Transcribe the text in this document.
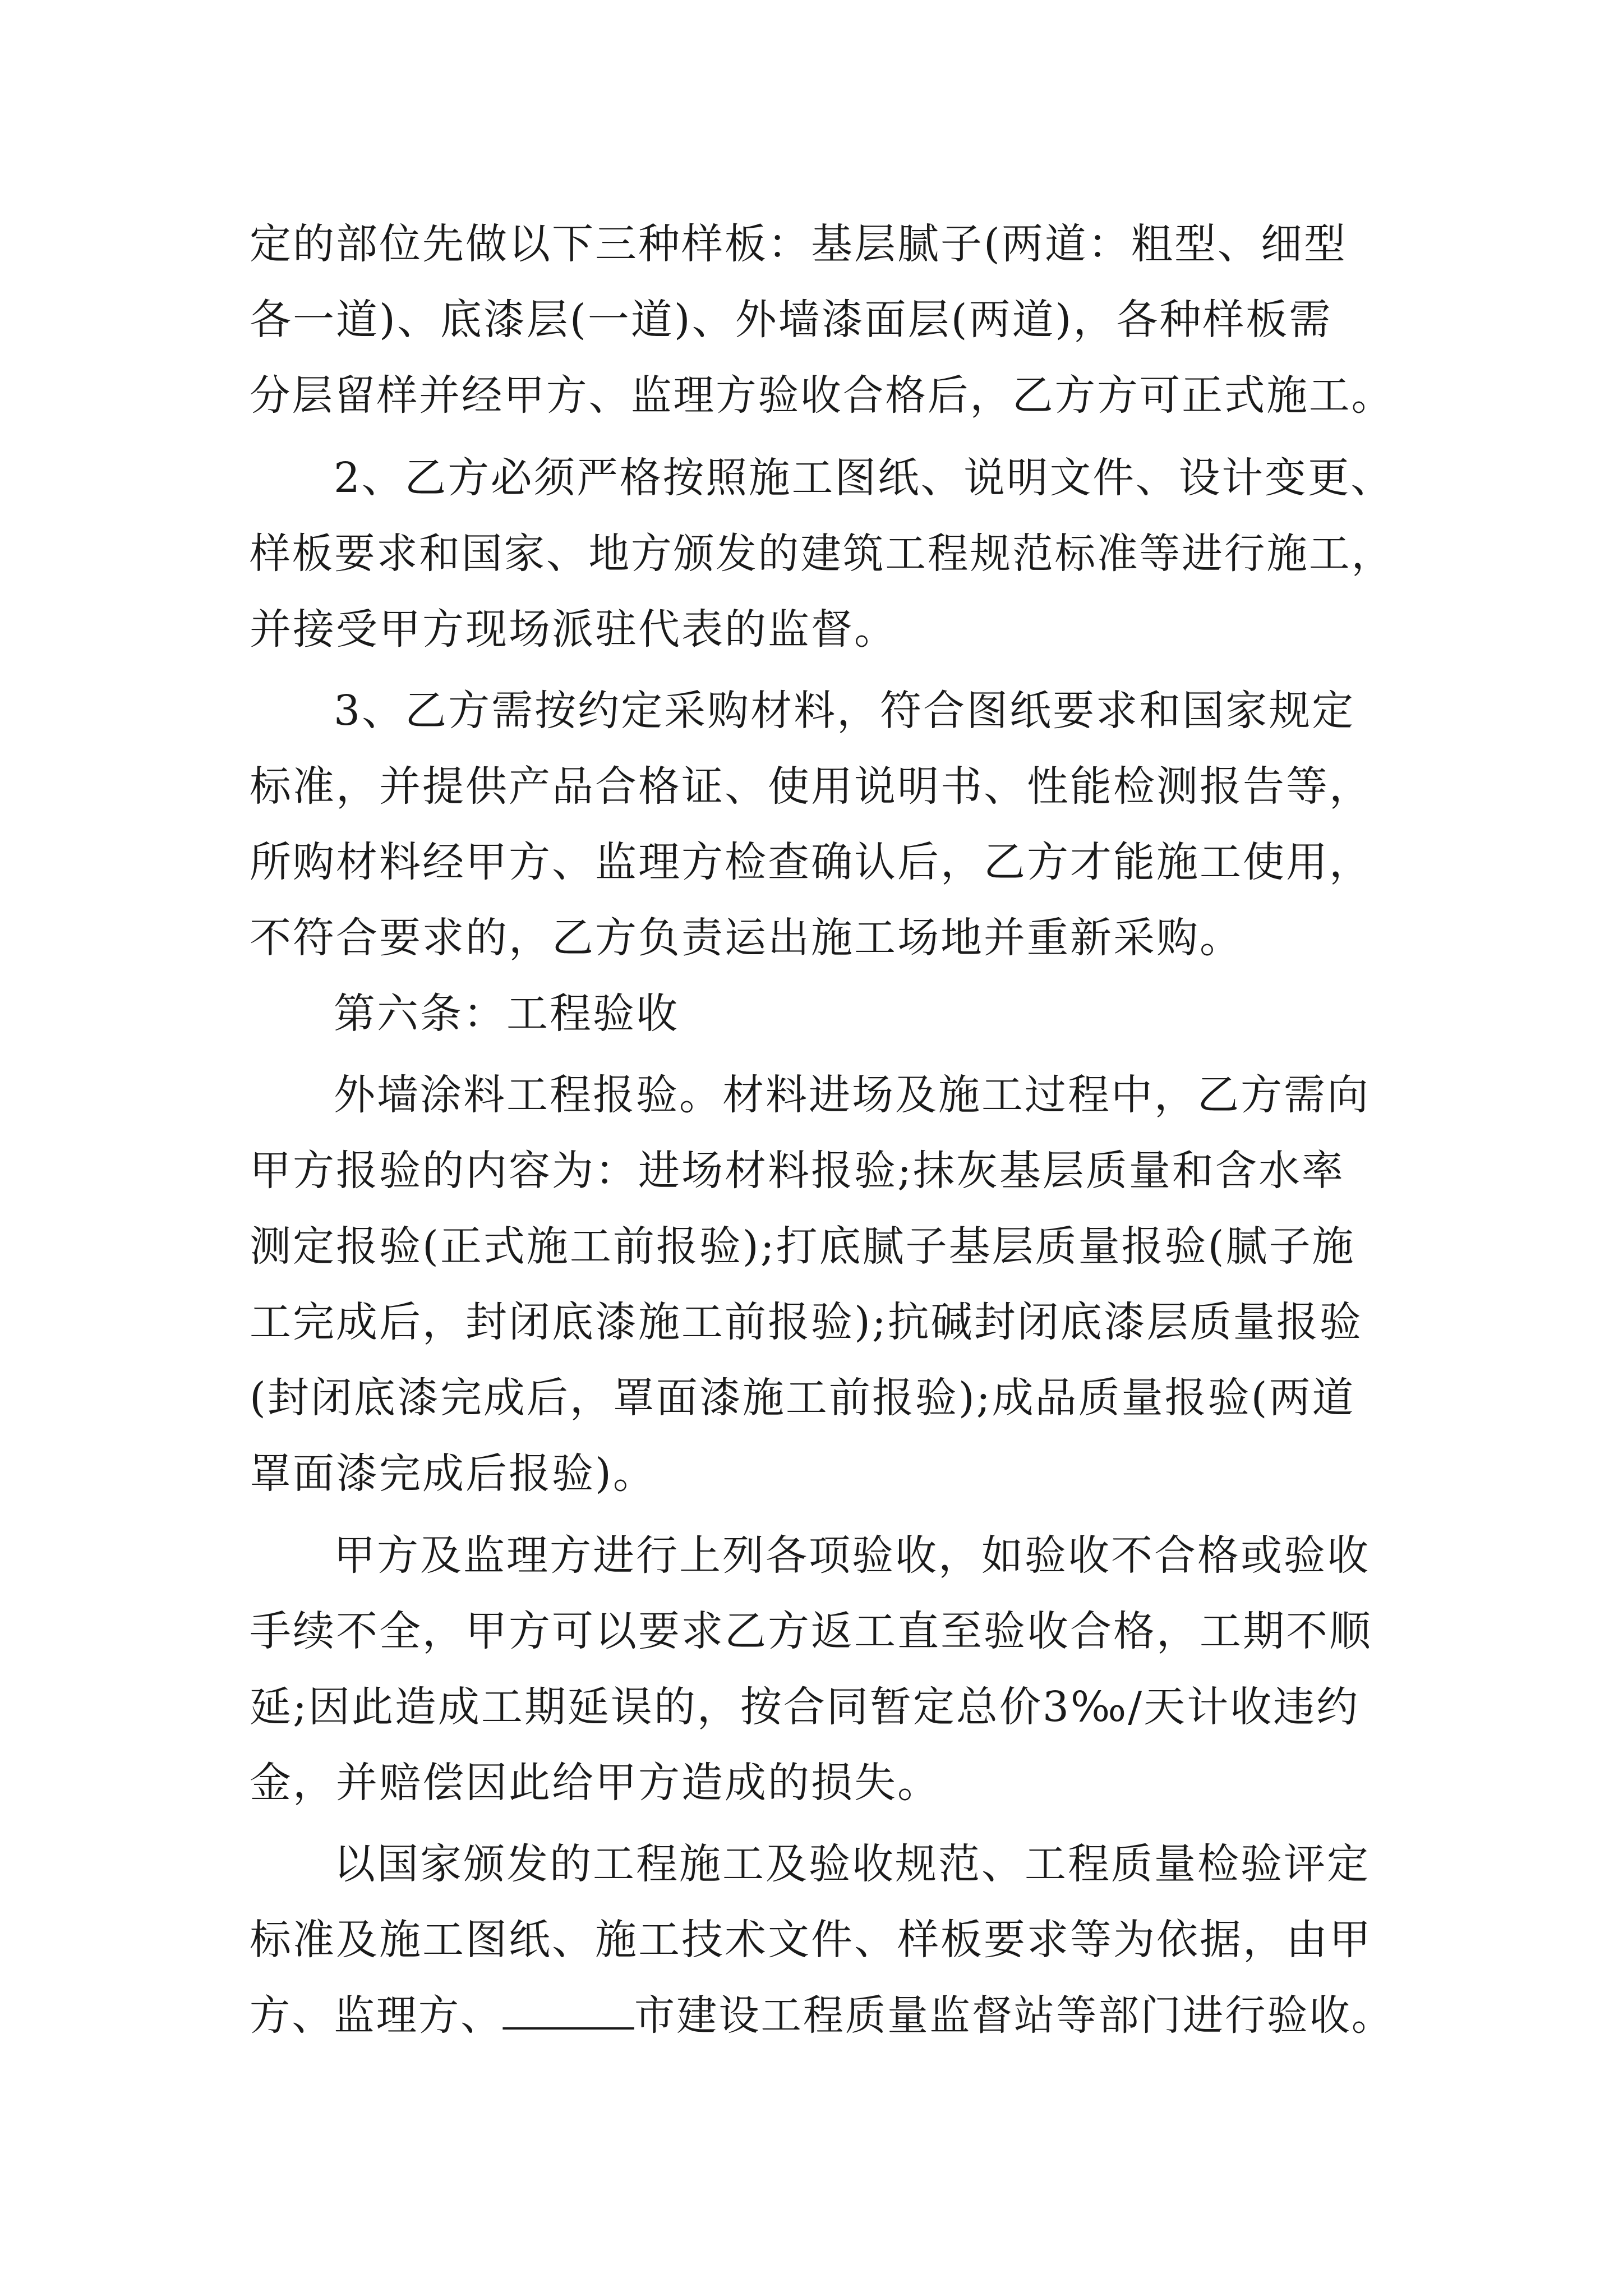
定的部位先做以下三种样板：基层腻子(两道：粗型、细型
各一道)、底漆层(一道)、外墙漆面层(两道)，各种样板需
分层留样并经甲方、监理方验收合格后，乙方方可正式施工。
2、乙方必须严格按照施工图纸、说明文件、设计变更、
样板要求和国家、地方颁发的建筑工程规范标准等进行施工，
并接受甲方现场派驻代表的监督。
3、乙方需按约定采购材料，符合图纸要求和国家规定
标准，并提供产品合格证、使用说明书、性能检测报告等，
所购材料经甲方、监理方检查确认后，乙方才能施工使用，
不符合要求的，乙方负责运出施工场地并重新采购。
第六条：工程验收
外墙涂料工程报验。材料进场及施工过程中，乙方需向
甲方报验的内容为：进场材料报验;抹灰基层质量和含水率
测定报验(正式施工前报验);打底腻子基层质量报验(腻子施
工完成后，封闭底漆施工前报验);抗碱封闭底漆层质量报验
(封闭底漆完成后，罩面漆施工前报验);成品质量报验(两道
罩面漆完成后报验)。
甲方及监理方进行上列各项验收，如验收不合格或验收
手续不全，甲方可以要求乙方返工直至验收合格，工期不顺
延;因此造成工期延误的，按合同暂定总价3‰/天计收违约
金，并赔偿因此给甲方造成的损失。
以国家颁发的工程施工及验收规范、工程质量检验评定
标准及施工图纸、施工技术文件、样板要求等为依据，由甲
方、监理方、	市建设工程质量监督站等部门进行验收。
